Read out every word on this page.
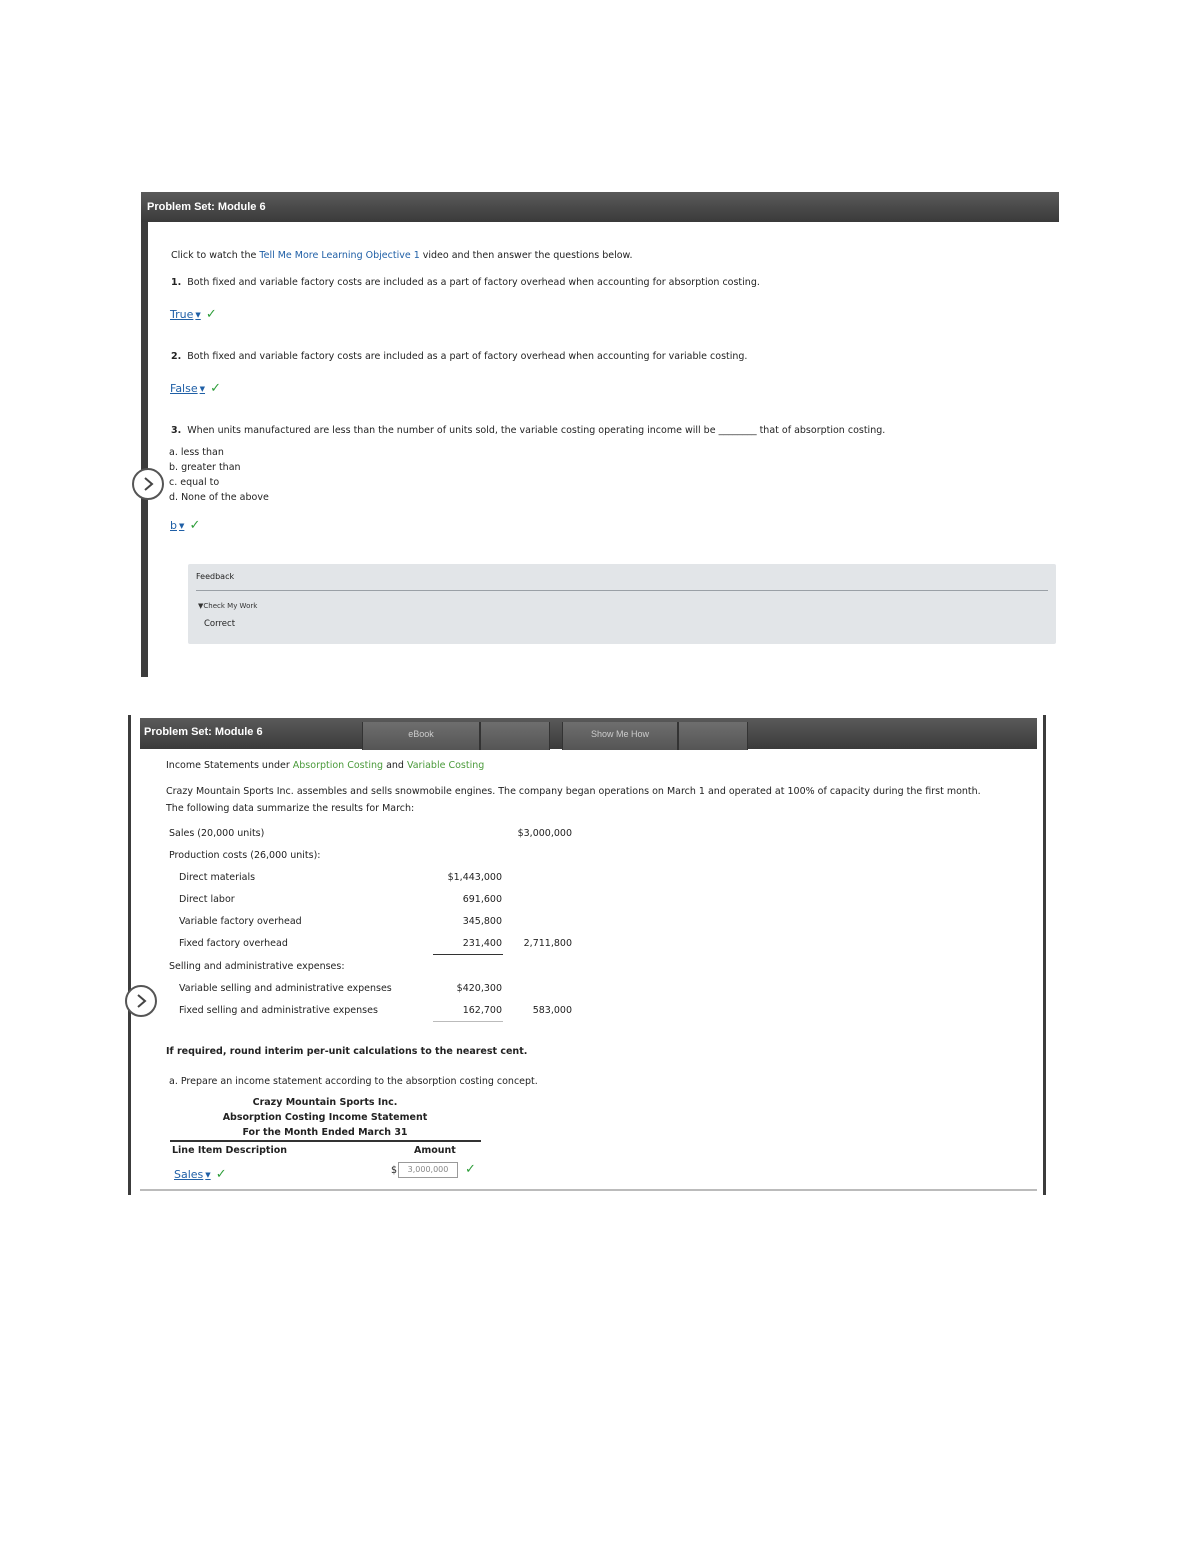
Problem Set: Module 6
Click to watch the Tell Me More Learning Objective 1 video and then answer the questions below.
1. Both fixed and variable factory costs are included as a part of factory overhead when accounting for absorption costing.
True ▼ ✓
2. Both fixed and variable factory costs are included as a part of factory overhead when accounting for variable costing.
False ▼ ✓
3. When units manufactured are less than the number of units sold, the variable costing operating income will be ________ that of absorption costing.
a. less than
b. greater than
c. equal to
d. None of the above
b ▼ ✓
Feedback
▼Check My Work
Correct
Problem Set: Module 6	eBook	Show Me How
Income Statements under Absorption Costing and Variable Costing
Crazy Mountain Sports Inc. assembles and sells snowmobile engines. The company began operations on March 1 and operated at 100% of capacity during the first month.
The following data summarize the results for March:
Sales (20,000 units)	$3,000,000
Production costs (26,000 units):
Direct materials	$1,443,000
Direct labor	691,600
Variable factory overhead	345,800
Fixed factory overhead	231,400	2,711,800
Selling and administrative expenses:
Variable selling and administrative expenses	$420,300
Fixed selling and administrative expenses	162,700	583,000
If required, round interim per-unit calculations to the nearest cent.
a. Prepare an income statement according to the absorption costing concept.
Crazy Mountain Sports Inc.
Absorption Costing Income Statement
For the Month Ended March 31
Line Item Description	Amount
Sales ▼ ✓	$	3,000,000	✓
